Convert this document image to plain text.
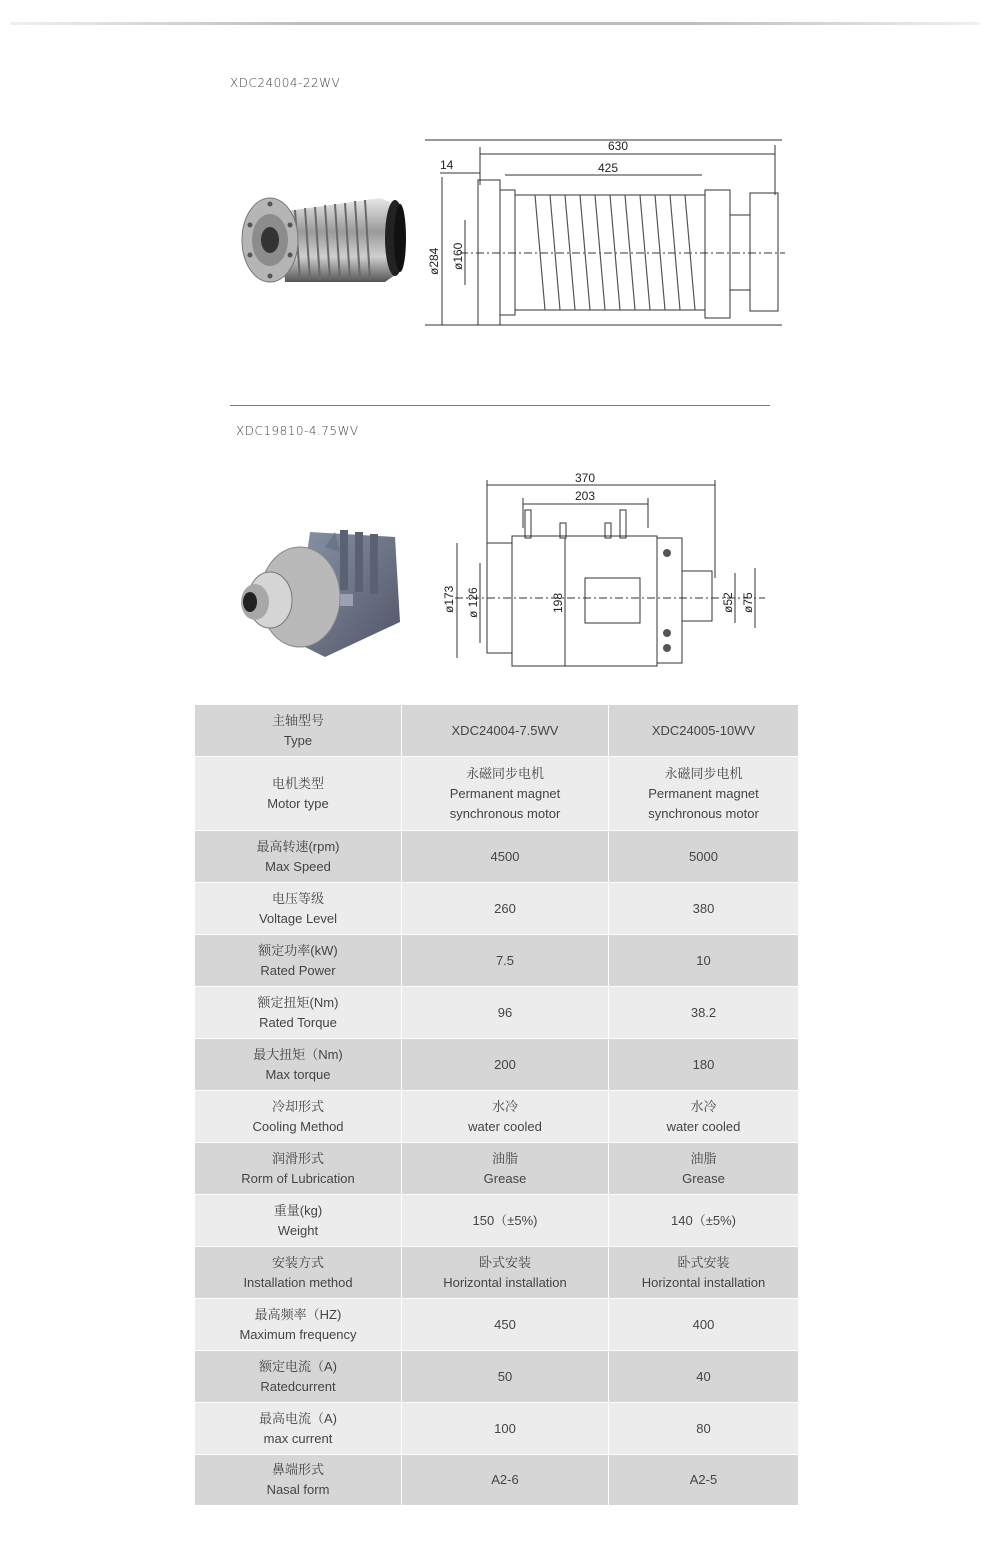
XDC24004-22WV
630
425
14
ø284 ø160
XDC19810-4.75WV
370
203
ø173 ø 126	198	ø52 ø75
主轴型号
Type	XDC24004-7.5WV	XDC24005-10WV

电机类型
Motor type	永磁同步电机
Permanent magnet
synchronous motor	永磁同步电机
Permanent magnet
synchronous motor

最高转速(rpm)
Max Speed	4500	5000

电压等级
Voltage Level	260	380

额定功率(kW)
Rated Power	7.5	10

额定扭矩(Nm)
Rated Torque	96	38.2

最大扭矩（Nm)
Max torque	200	180

冷却形式
Cooling Method	水冷
water cooled	水冷
water cooled

润滑形式
Rorm of Lubrication	油脂
Grease	油脂
Grease

重量(kg)
Weight	150（±5%)	140（±5%)

安装方式
Installation method	卧式安装
Horizontal installation	卧式安装
Horizontal installation

最高频率（HZ)
Maximum frequency	450	400

额定电流（A)
Ratedcurrent	50	40

最高电流（A)
max current	100	80

鼻端形式
Nasal form	A2-6	A2-5
